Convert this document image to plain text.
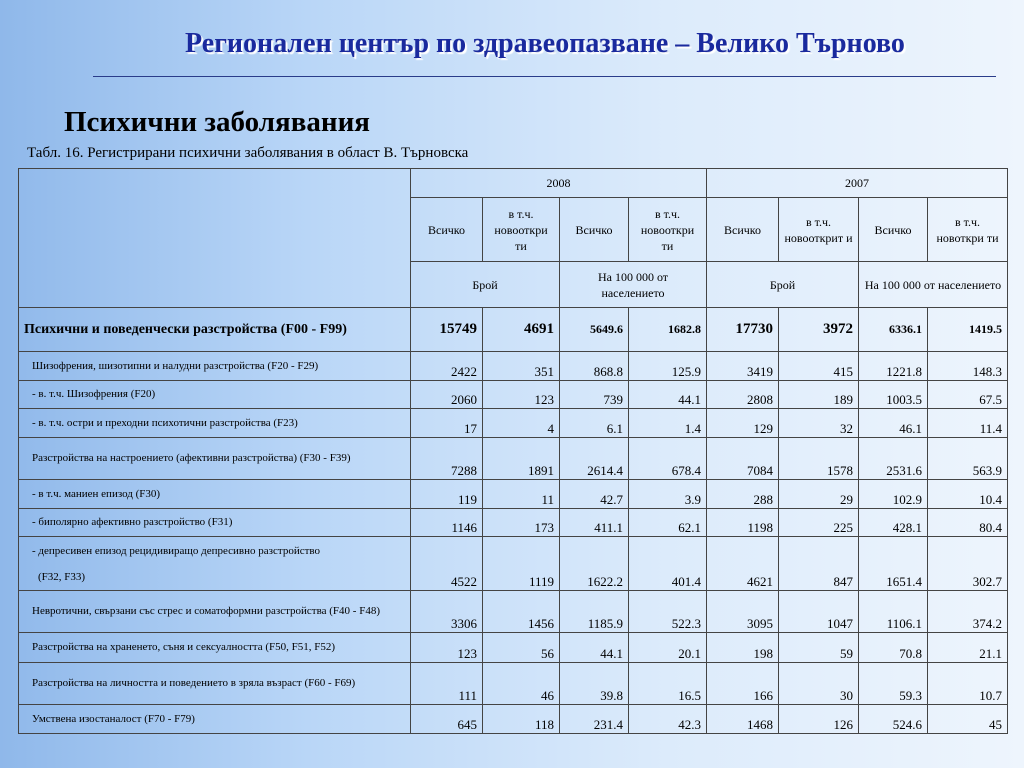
Регионален център по здравеопазване – Велико Търново
Психични заболявания
Табл. 16. Регистрирани психични заболявания в област В. Търновска
	2008				2007			
	Всичко	в т.ч. новооткри ти	Всичко	в т.ч. новооткри ти	Всичко	в т.ч. новооткрит и	Всичко	в т.ч. новоткри ти
	Брой		На 100 000 от населението		Брой		На 100 000 от населението	
Психични и поведенчески разстройства (F00 - F99)	15749	4691	5649.6	1682.8	17730	3972	6336.1	1419.5
Шизофрения, шизотипни и налудни разстройства (F20 - F29)	2422	351	868.8	125.9	3419	415	1221.8	148.3
- в. т.ч. Шизофрения (F20)	2060	123	739	44.1	2808	189	1003.5	67.5
- в. т.ч. остри и преходни психотични разстройства (F23)	17	4	6.1	1.4	129	32	46.1	11.4
Разстройства на настроението (афективни разстройства) (F30 - F39)	7288	1891	2614.4	678.4	7084	1578	2531.6	563.9
- в т.ч. маниен епизод (F30)	119	11	42.7	3.9	288	29	102.9	10.4
- биполярно афективно разстройство (F31)	1146	173	411.1	62.1	1198	225	428.1	80.4

- депресивен епизод рецидивиращо депресивно разстройство
(F32, F33)	4522	1119	1622.2	401.4	4621	847	1651.4	302.7
Невротични, свързани със стрес и соматоформни разстройства (F40 - F48)	3306	1456	1185.9	522.3	3095	1047	1106.1	374.2
Разстройства на храненето, съня и сексуалността (F50, F51, F52)	123	56	44.1	20.1	198	59	70.8	21.1
Разстройства на личността и поведението в зряла възраст (F60 - F69)	111	46	39.8	16.5	166	30	59.3	10.7
Умствена изостаналост (F70 - F79)	645	118	231.4	42.3	1468	126	524.6	45
